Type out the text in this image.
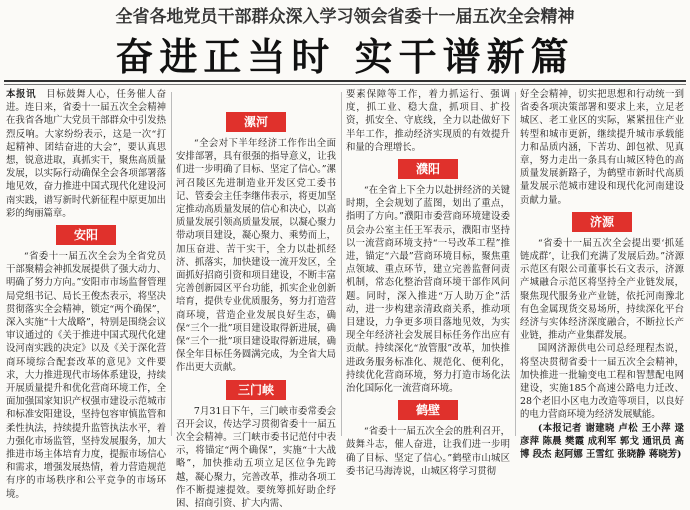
全省各地党员干部群众深入学习领会省委十一届五次全会精神
奋进正当时 实干谱新篇

本报讯　 目标鼓舞人心，任务催人奋进。连日来，省委十一届五次全会精神在我省各地广大党员干部群众中引发热烈反响。大家纷纷表示，这是一次“打起精神、团结奋进的大会”，要认真思想，锐意进取，真抓实干，聚焦高质量发展，以实际行动确保全会各项部署落地见效，奋力推进中国式现代化建设河南实践，谱写新时代新征程中原更加出彩的绚丽篇章。

安阳

“省委十一届五次全会为全省党员干部聚精会神抓发展提供了强大动力、明确了努力方向。”安阳市市场监督管理局党组书记、局长王俊杰表示，将坚决贯彻落实全会精神，锁定“两个确保”，深入实施“十大战略”，特别是围绕会议审议通过的《关于推进中国式现代化建设河南实践的决定》以及《关于深化营商环境综合配套改革的意见》文件要求，大力推进现代市场体系建设，持续开展质量提升和优化营商环境工作，全面加强国家知识产权强市建设示范城市和标准安阳建设，坚持包容审慎监管和柔性执法，持续提升监管执法水平，着力强化市场监管，坚持发展服务，加大推进市场主体培育力度，提振市场信心和需求，增强发展热情，着力营造规范有序的市场秩序和公平竞争的市场环境。

漯河

“全会对下半年经济工作作出全面安排部署，具有很强的指导意义，让我们进一步明确了目标、坚定了信心。”漯河召陵区先进制造业开发区党工委书记、管委会主任李继伟表示，将更加坚定推动高质量发展的信心和决心，以高质量发展引领高质量发展，以凝心聚力带动项目建设，凝心聚力、乘势而上，加压奋进、苦干实干，全力以赴抓经济、抓落实，加快建设一流开发区，全面抓好招商引资和项目建设，不断丰富完善创新园区平台功能，抓实企业创新培育，提供专业优质服务，努力打造营商环境，营造企业发展良好生态，确保“三个一批”项目建设取得新进展，确保“三个一批”项目建设取得新进展，确保全年目标任务圆满完成，为全省大局作出更大贡献。

三门峡

7月31日下午，三门峡市委常委会召开会议，传达学习贯彻省委十一届五次全会精神。三门峡市委书记范付中表示，将锚定“两个确保”，实施“十大战略”，加快推动五项立足区位争先跨越，凝心聚力，完善改革，推动各项工作不断提速提效。要统筹抓好助企纾困、招商引资、扩大内需、

要素保障等工作，着力抓运行、强调度，抓工业、稳大盘，抓项目、扩投资，抓安全、守底线，全力以赴做好下半年工作，推动经济实现质的有效提升和量的合理增长。

濮阳

“在全省上下全力以赴拼经济的关键时期，全会规划了蓝图，划出了重点，指明了方向。”濮阳市委营商环境建设委员会办公室主任王军表示，濮阳市坚持以一流营商环境支持“一号改革工程”推进，锚定“六最”营商环境目标，聚焦重点领域、重点环节，建立完善监督问责机制，常态化整治营商环境干部作风问题。同时，深入推进“万人助万企”活动，进一步构建亲清政商关系，推动项目建设，力争更多项目落地见效，为实现全年经济社会发展目标任务作出应有贡献。持续深化“放管服”改革，加快推进政务服务标准化、规范化、便利化，持续优化营商环境，努力打造市场化法治化国际化一流营商环境。

鹤壁

“省委十一届五次全会的胜利召开，鼓舞斗志，催人奋进，让我们进一步明确了目标、坚定了信心。”鹤壁市山城区委书记马海涛说，山城区将学习贯彻

好全会精神，切实把思想和行动统一到省委各项决策部署和要求上来，立足老城区、老工业区的实际，紧紧扭住产业转型和城市更新，继续提升城市承载能力和品质内涵，下苦功、卸包袱、见真章，努力走出一条具有山城区特色的高质量发展新路子，为鹤壁市新时代高质量发展示范城市建设和现代化河南建设贡献力量。

济源

“省委十一届五次全会提出要‘抓延链成群’，让我们充满了发展后劲。”济源示范区有限公司董事长石文表示，济源产城融合示范区将坚持全产业链发展，聚焦现代服务业产业链，依托河南豫北有色金属现货交易场所，持续深化平台经济与实体经济深度融合，不断拉长产业链，推动产业集群发展。

国网济源供电公司总经理程杰说，将坚决贯彻省委十一届五次全会精神，加快推进一批输变电工程和智慧配电网建设，实施185个高速公路电力迁改、28个老旧小区电力改造等项目，以良好的电力营商环境为经济发展赋能。

(本报记者 谢建晓 卢松 王小萍 逯彦萍 陈晨 樊霞 成利军 郭戈 通讯员 高博 段杰 赵阿娜 王雪红 张晓静 蒋晓芳)
